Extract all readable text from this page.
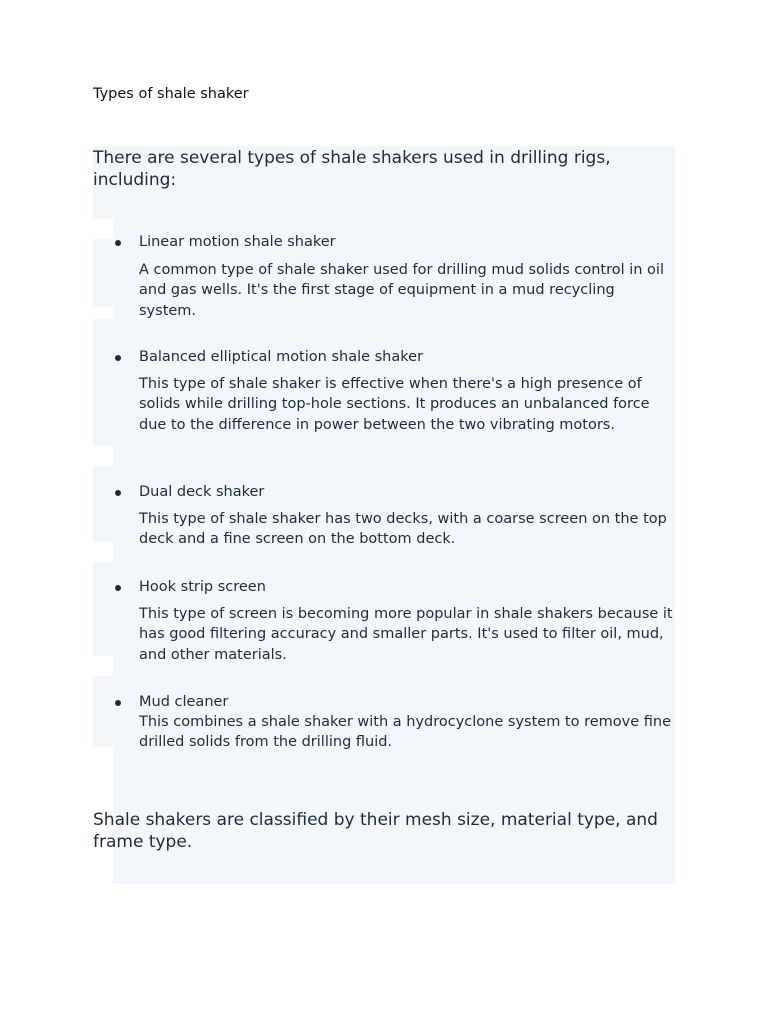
Types of shale shaker

There are several types of shale shakers used in drilling rigs, including:

Linear motion shale shaker

A common type of shale shaker used for drilling mud solids control in oil and gas wells. It's the first stage of equipment in a mud recycling system.

Balanced elliptical motion shale shaker

This type of shale shaker is effective when there's a high presence of solids while drilling top-hole sections. It produces an unbalanced force due to the difference in power between the two vibrating motors.

Dual deck shaker

This type of shale shaker has two decks, with a coarse screen on the top deck and a fine screen on the bottom deck.

Hook strip screen

This type of screen is becoming more popular in shale shakers because it has good filtering accuracy and smaller parts. It's used to filter oil, mud, and other materials.

Mud cleaner

This combines a shale shaker with a hydrocyclone system to remove fine drilled solids from the drilling fluid.

Shale shakers are classified by their mesh size, material type, and frame type.
